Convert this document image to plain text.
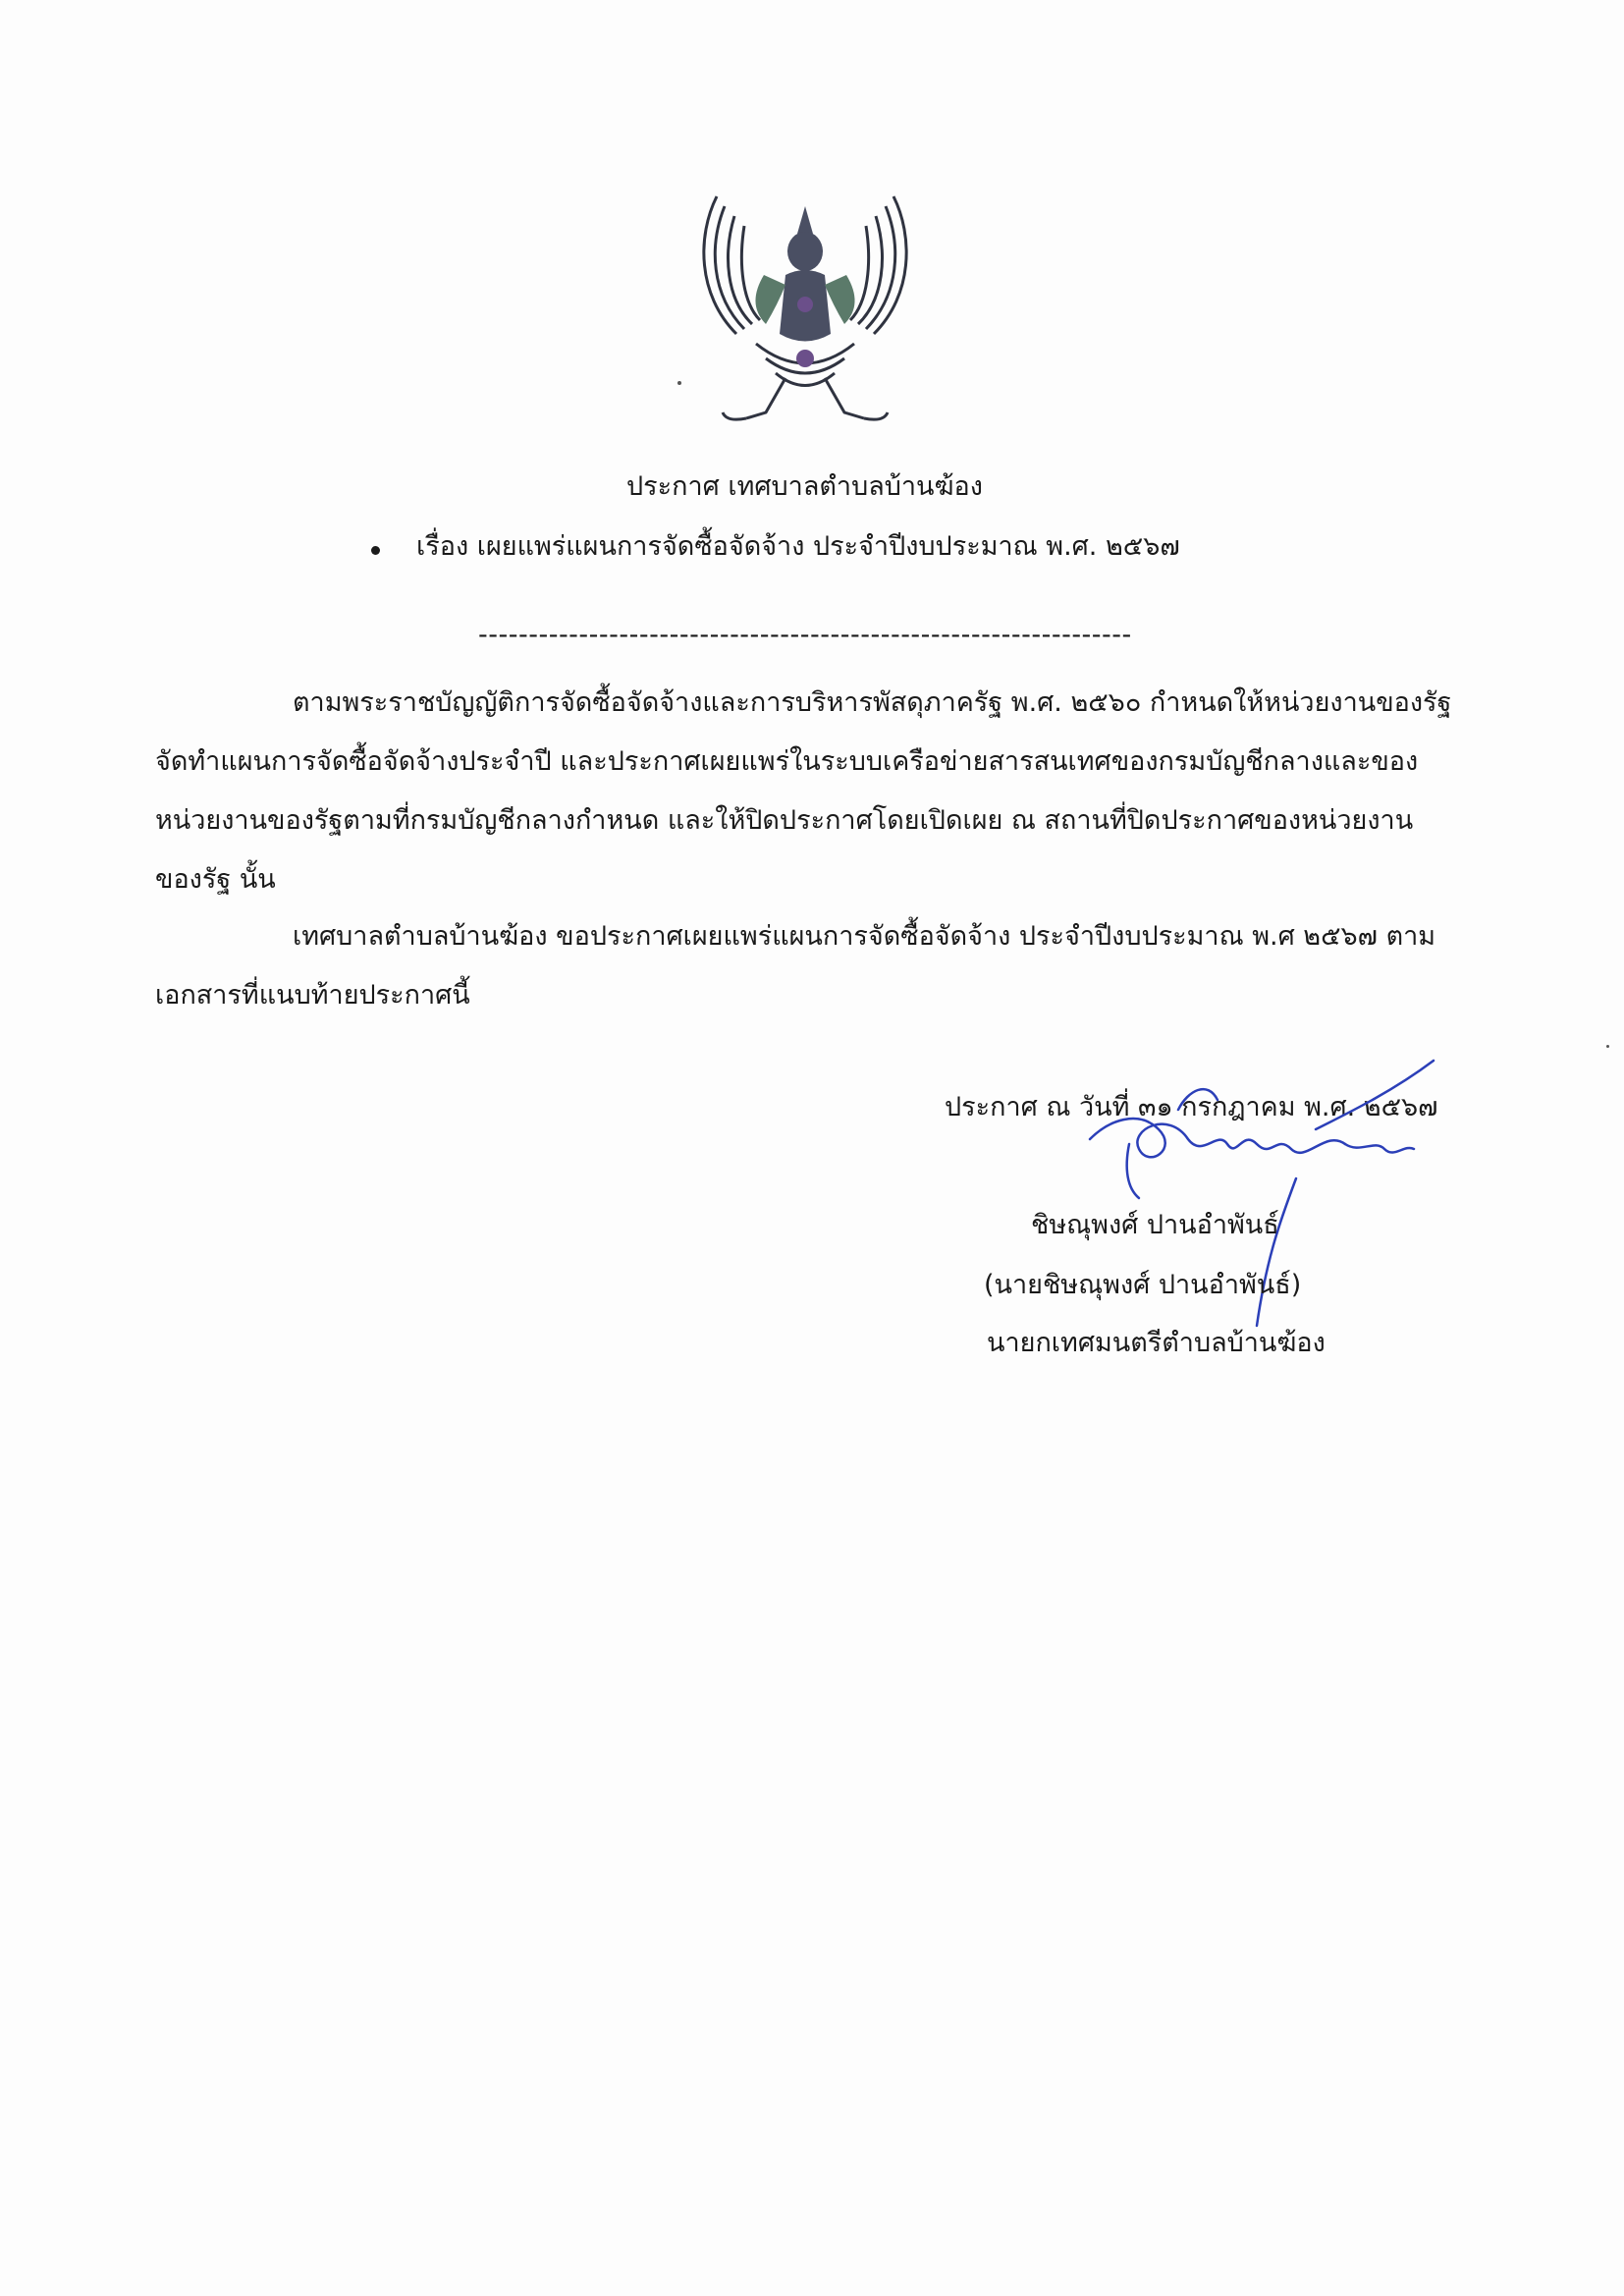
ประกาศ เทศบาลตำบลบ้านฆ้อง
เรื่อง เผยแพร่แผนการจัดซื้อจัดจ้าง ประจำปีงบประมาณ พ.ศ. ๒๕๖๗
-----------------------------------------------------------------
ตามพระราชบัญญัติการจัดซื้อจัดจ้างและการบริหารพัสดุภาครัฐ พ.ศ. ๒๕๖๐ กำหนดให้หน่วยงานของรัฐ
จัดทำแผนการจัดซื้อจัดจ้างประจำปี และประกาศเผยแพร่ในระบบเครือข่ายสารสนเทศของกรมบัญชีกลางและของ
หน่วยงานของรัฐตามที่กรมบัญชีกลางกำหนด และให้ปิดประกาศโดยเปิดเผย ณ สถานที่ปิดประกาศของหน่วยงาน
ของรัฐ นั้น
เทศบาลตำบลบ้านฆ้อง ขอประกาศเผยแพร่แผนการจัดซื้อจัดจ้าง ประจำปีงบประมาณ พ.ศ ๒๕๖๗ ตาม
เอกสารที่แนบท้ายประกาศนี้
ประกาศ ณ วันที่ ๓๑ กรกฎาคม พ.ศ. ๒๕๖๗
ชิษณุพงศ์ ปานอำพันธ์
(นายชิษณุพงศ์ ปานอำพันธ์)
นายกเทศมนตรีตำบลบ้านฆ้อง
